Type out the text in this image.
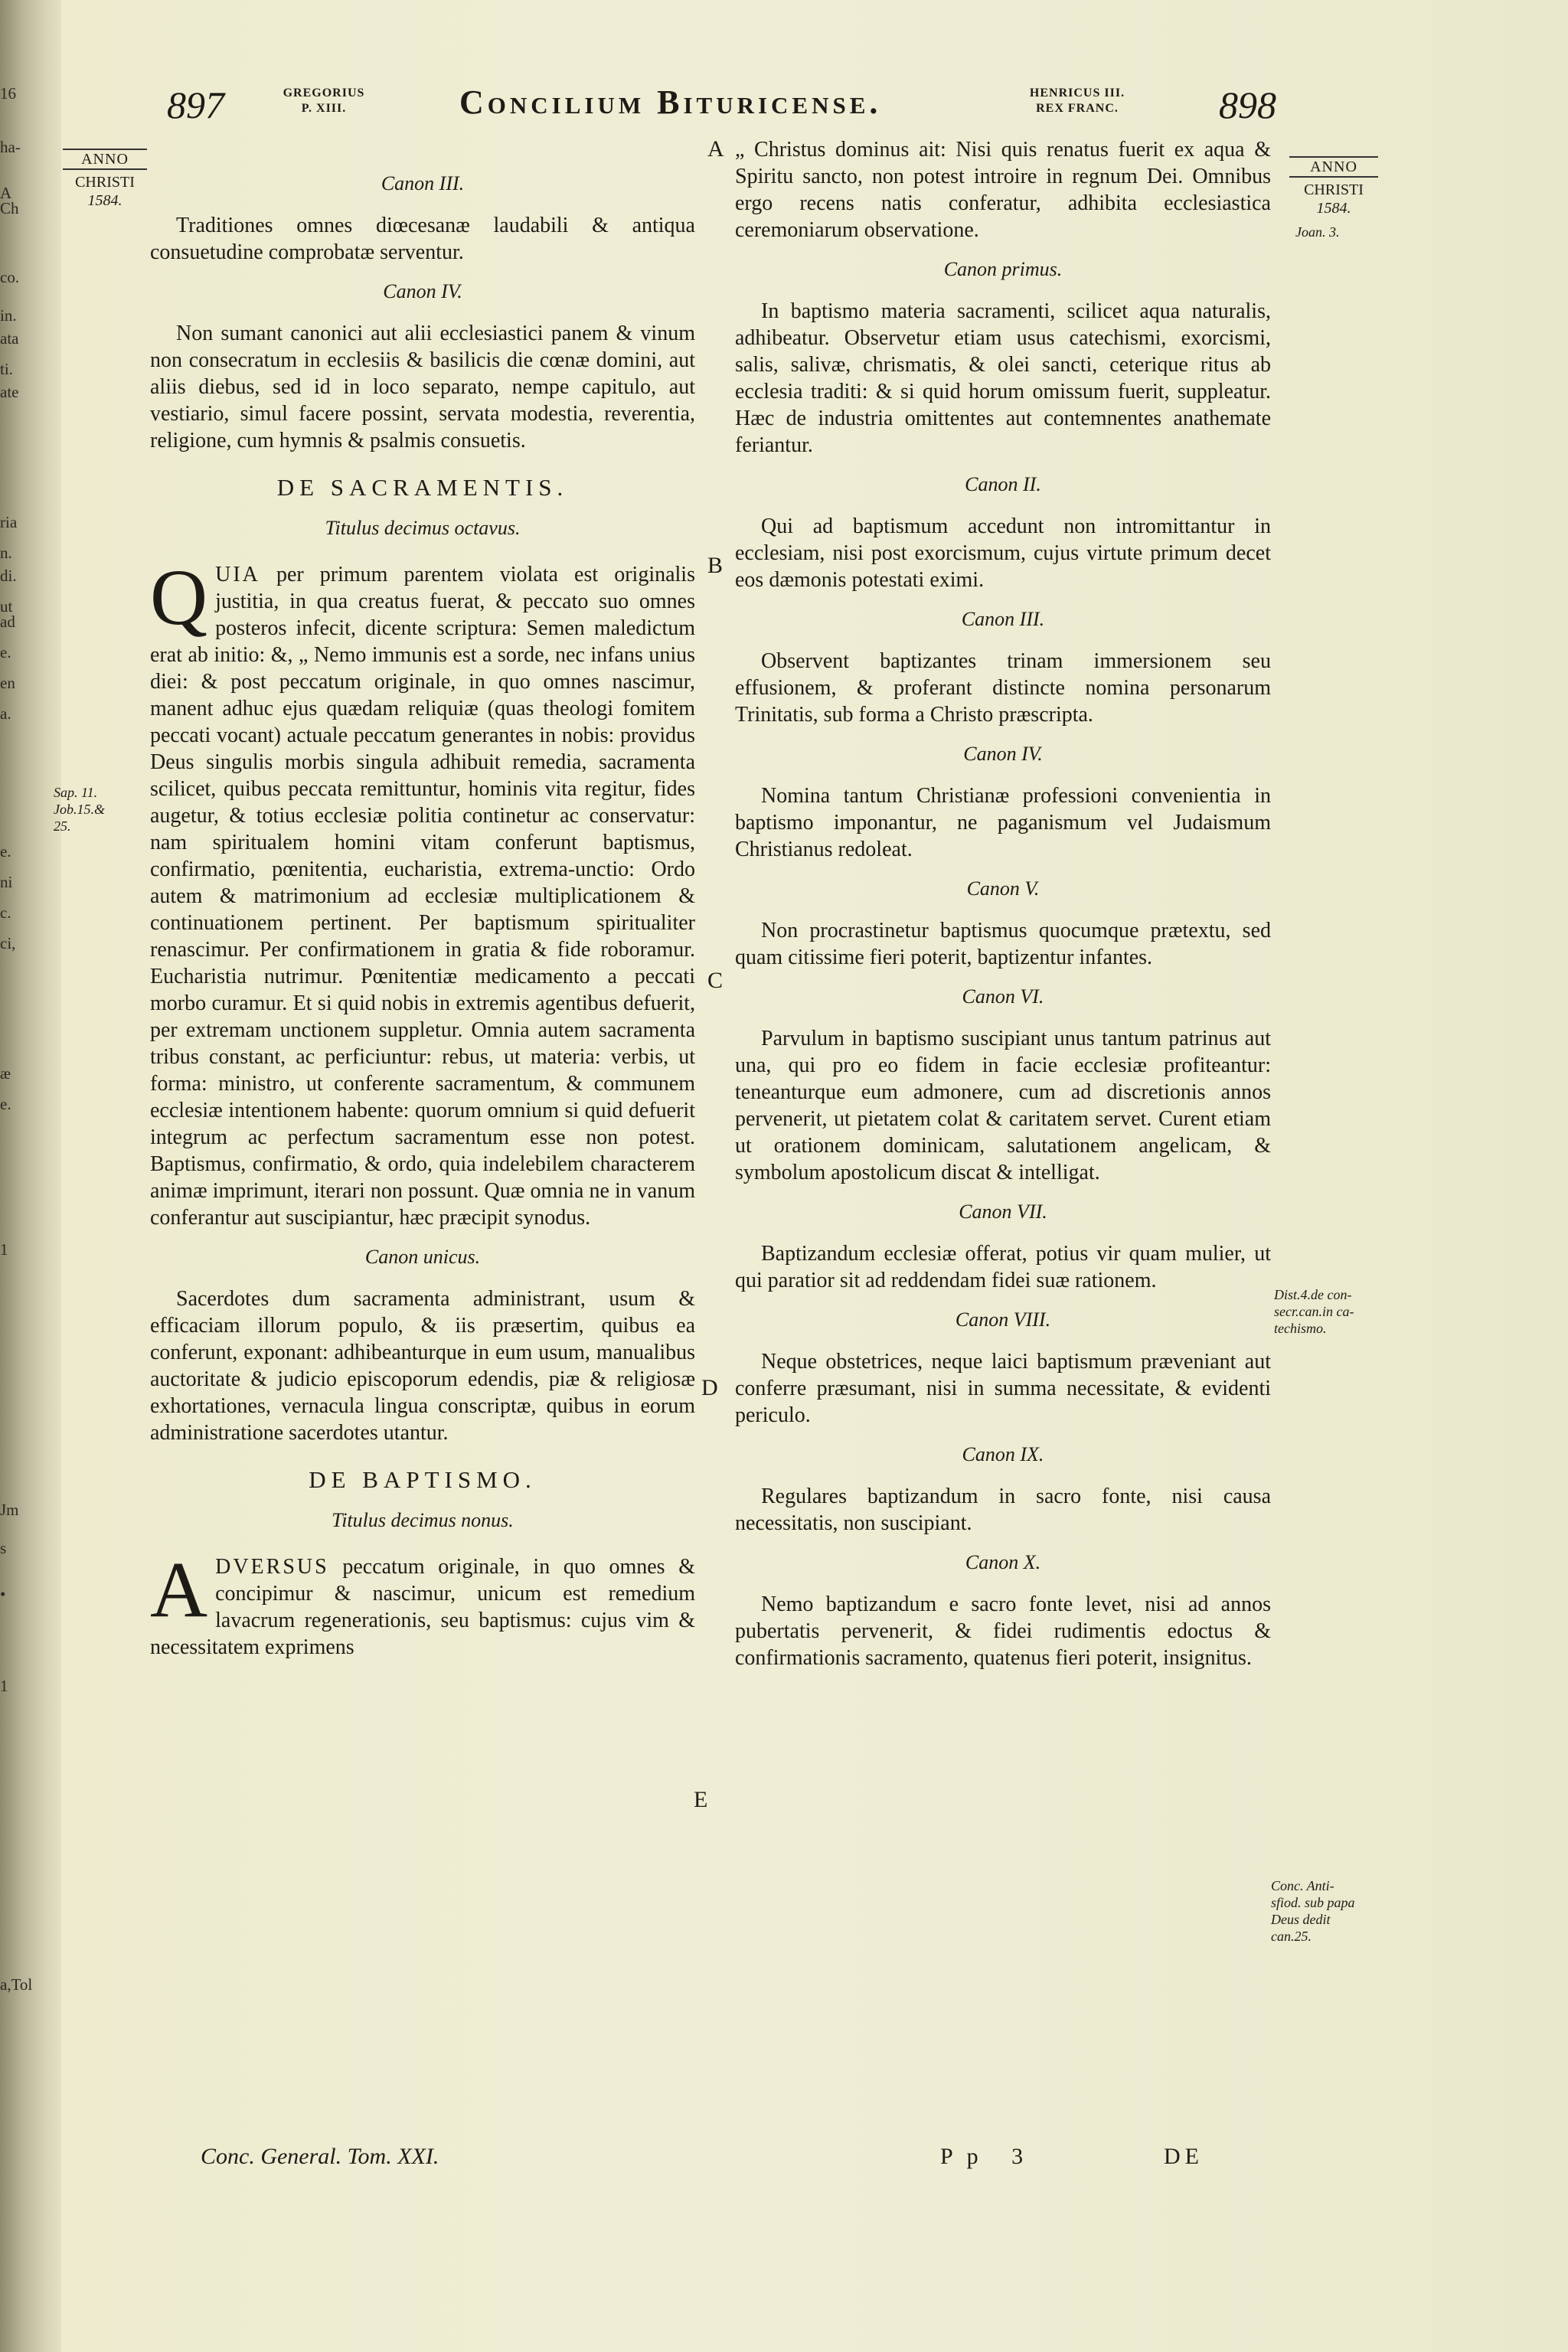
16
ha-
A
Ch
co.
in.
ata
ti.
ate
ria
n.
di.
ut
ad
e.
en
a.
e.
ni
c.
ci,
æ
e.
1
Jm
s
•
1
a,Tol
897	GREGORIUS
P. XIII.	Concilium Bituricense.	HENRICUS III.
REX FRANC.	898
ANNO
CHRISTI
1584.
Sap. 11.
Job.15.&
25.
ANNO
CHRISTI
1584.
Joan. 3.
Dist.4.de con-
secr.can.in ca-
techismo.
Conc. Anti-
sfiod. sub papa
Deus dedit
can.25.
A
B
C
D
E
Canon III.

Traditiones omnes diœcesanæ laudabili & antiqua consuetudine comprobatæ serventur.

Canon IV.

Non sumant canonici aut alii ecclesiastici panem & vinum non consecratum in ecclesiis & basilicis die cœnæ domini, aut aliis diebus, sed id in loco separato, nempe capitulo, aut vestiario, simul facere possint, servata modestia, reverentia, religione, cum hymnis & psalmis consuetis.

DE SACRAMENTIS.
Titulus decimus octavus.

QUIA per primum parentem violata est originalis justitia, in qua creatus fuerat, & peccato suo omnes posteros infecit, dicente scriptura: Semen maledictum erat ab initio: &, „ Nemo immunis est a sorde, nec infans unius diei: & post peccatum originale, in quo omnes nascimur, manent adhuc ejus quædam reliquiæ (quas theologi fomitem peccati vocant) actuale peccatum generantes in nobis: providus Deus singulis morbis singula adhibuit remedia, sacramenta scilicet, quibus peccata remittuntur, hominis vita regitur, fides augetur, & totius ecclesiæ politia continetur ac conservatur: nam spiritualem homini vitam conferunt baptismus, confirmatio, pœnitentia, eucharistia, extrema-unctio: Ordo autem & matrimonium ad ecclesiæ multiplicationem & continuationem pertinent. Per baptismum spiritualiter renascimur. Per confirmationem in gratia & fide roboramur. Eucharistia nutrimur. Pœnitentiæ medicamento a peccati morbo curamur. Et si quid nobis in extremis agentibus defuerit, per extremam unctionem suppletur. Omnia autem sacramenta tribus constant, ac perficiuntur: rebus, ut materia: verbis, ut forma: ministro, ut conferente sacramentum, & communem ecclesiæ intentionem habente: quorum omnium si quid defuerit integrum ac perfectum sacramentum esse non potest. Baptismus, confirmatio, & ordo, quia indelebilem characterem animæ imprimunt, iterari non possunt. Quæ omnia ne in vanum conferantur aut suscipiantur, hæc præcipit synodus.

Canon unicus.

Sacerdotes dum sacramenta administrant, usum & efficaciam illorum populo, & iis præsertim, quibus ea conferunt, exponant: adhibeanturque in eum usum, manualibus auctoritate & judicio episcoporum edendis, piæ & religiosæ exhortationes, vernacula lingua conscriptæ, quibus in eorum administratione sacerdotes utantur.

DE BAPTISMO.
Titulus decimus nonus.

ADVERSUS peccatum originale, in quo omnes & concipimur & nascimur, unicum est remedium lavacrum regenerationis, seu baptismus: cujus vim & necessitatem exprimens

Conc. General. Tom. XXI.

„ Christus dominus ait: Nisi quis renatus fuerit ex aqua & Spiritu sancto, non potest introire in regnum Dei. Omnibus ergo recens natis conferatur, adhibita ecclesiastica ceremoniarum observatione.

Canon primus.

In baptismo materia sacramenti, scilicet aqua naturalis, adhibeatur. Observetur etiam usus catechismi, exorcismi, salis, salivæ, chrismatis, & olei sancti, ceterique ritus ab ecclesia traditi: & si quid horum omissum fuerit, suppleatur. Hæc de industria omittentes aut contemnentes anathemate feriantur.

Canon II.

Qui ad baptismum accedunt non intromittantur in ecclesiam, nisi post exorcismum, cujus virtute primum decet eos dæmonis potestati eximi.

Canon III.

Observent baptizantes trinam immersionem seu effusionem, & proferant distincte nomina personarum Trinitatis, sub forma a Christo præscripta.

Canon IV.

Nomina tantum Christianæ professioni convenientia in baptismo imponantur, ne paganismum vel Judaismum Christianus redoleat.

Canon V.

Non procrastinetur baptismus quocumque prætextu, sed quam citissime fieri poterit, baptizentur infantes.

Canon VI.

Parvulum in baptismo suscipiant unus tantum patrinus aut una, qui pro eo fidem in facie ecclesiæ profiteantur: teneanturque eum admonere, cum ad discretionis annos pervenerit, ut pietatem colat & caritatem servet. Curent etiam ut orationem dominicam, salutationem angelicam, & symbolum apostolicum discat & intelligat.

Canon VII.

Baptizandum ecclesiæ offerat, potius vir quam mulier, ut qui paratior sit ad reddendam fidei suæ rationem.

Canon VIII.

Neque obstetrices, neque laici baptismum præveniant aut conferre præsumant, nisi in summa necessitate, & evidenti periculo.

Canon IX.

Regulares baptizandum in sacro fonte, nisi causa necessitatis, non suscipiant.

Canon X.

Nemo baptizandum e sacro fonte levet, nisi ad annos pubertatis pervenerit, & fidei rudimentis edoctus & confirmationis sacramento, quatenus fieri poterit, insignitus.

Pp 3	DE
